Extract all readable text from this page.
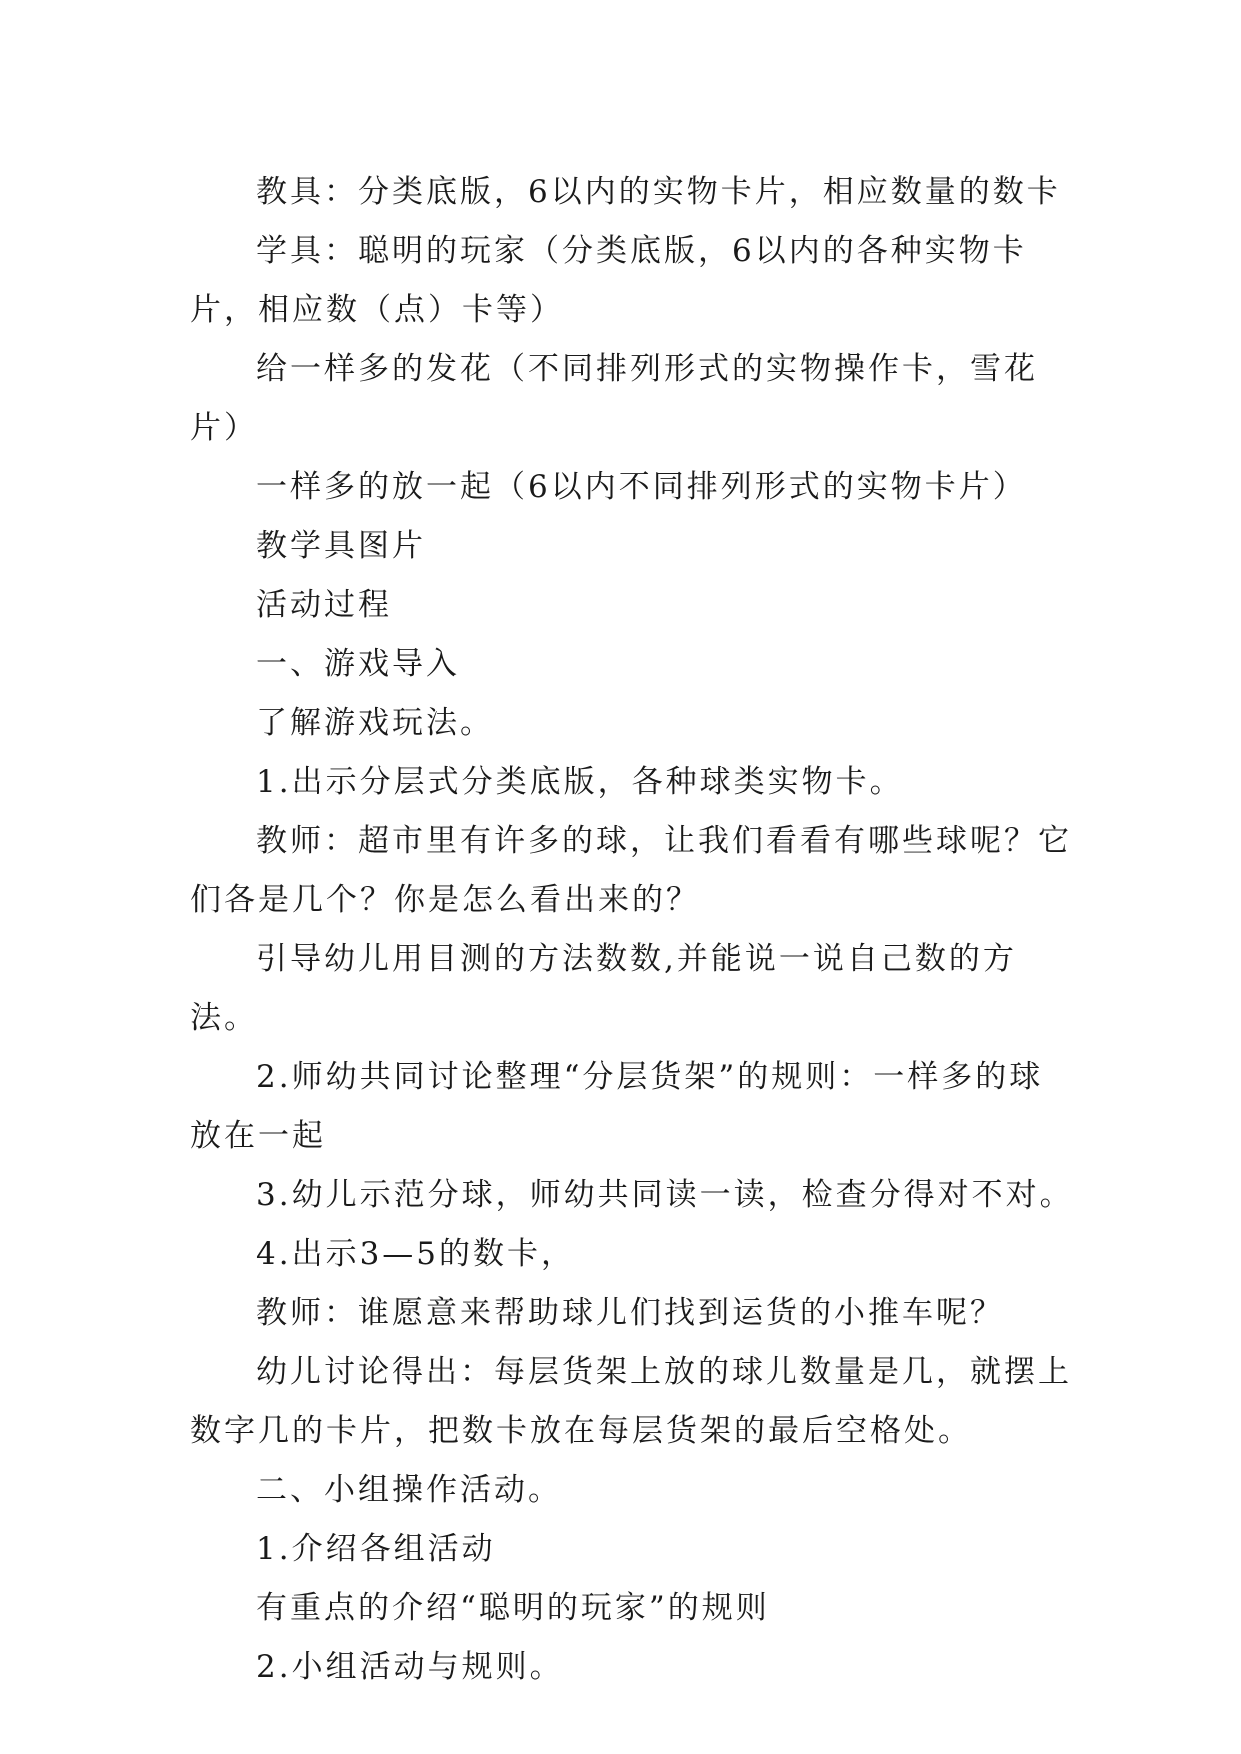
教具：分类底版，6以内的实物卡片，相应数量的数卡

学具：聪明的玩家（分类底版，6以内的各种实物卡片，相应数（点）卡等）

给一样多的发花（不同排列形式的实物操作卡，雪花片）

一样多的放一起（6以内不同排列形式的实物卡片）

教学具图片

活动过程

一、游戏导入

了解游戏玩法。

1.出示分层式分类底版，各种球类实物卡。

教师：超市里有许多的球，让我们看看有哪些球呢？它们各是几个？你是怎么看出来的？

引导幼儿用目测的方法数数,并能说一说自己数的方法。

2.师幼共同讨论整理“分层货架”的规则：一样多的球放在一起

3.幼儿示范分球，师幼共同读一读，检查分得对不对。

4.出示3—5的数卡，

教师：谁愿意来帮助球儿们找到运货的小推车呢？

幼儿讨论得出：每层货架上放的球儿数量是几，就摆上数字几的卡片，把数卡放在每层货架的最后空格处。

二、小组操作活动。

1.介绍各组活动

有重点的介绍“聪明的玩家”的规则

2.小组活动与规则。
